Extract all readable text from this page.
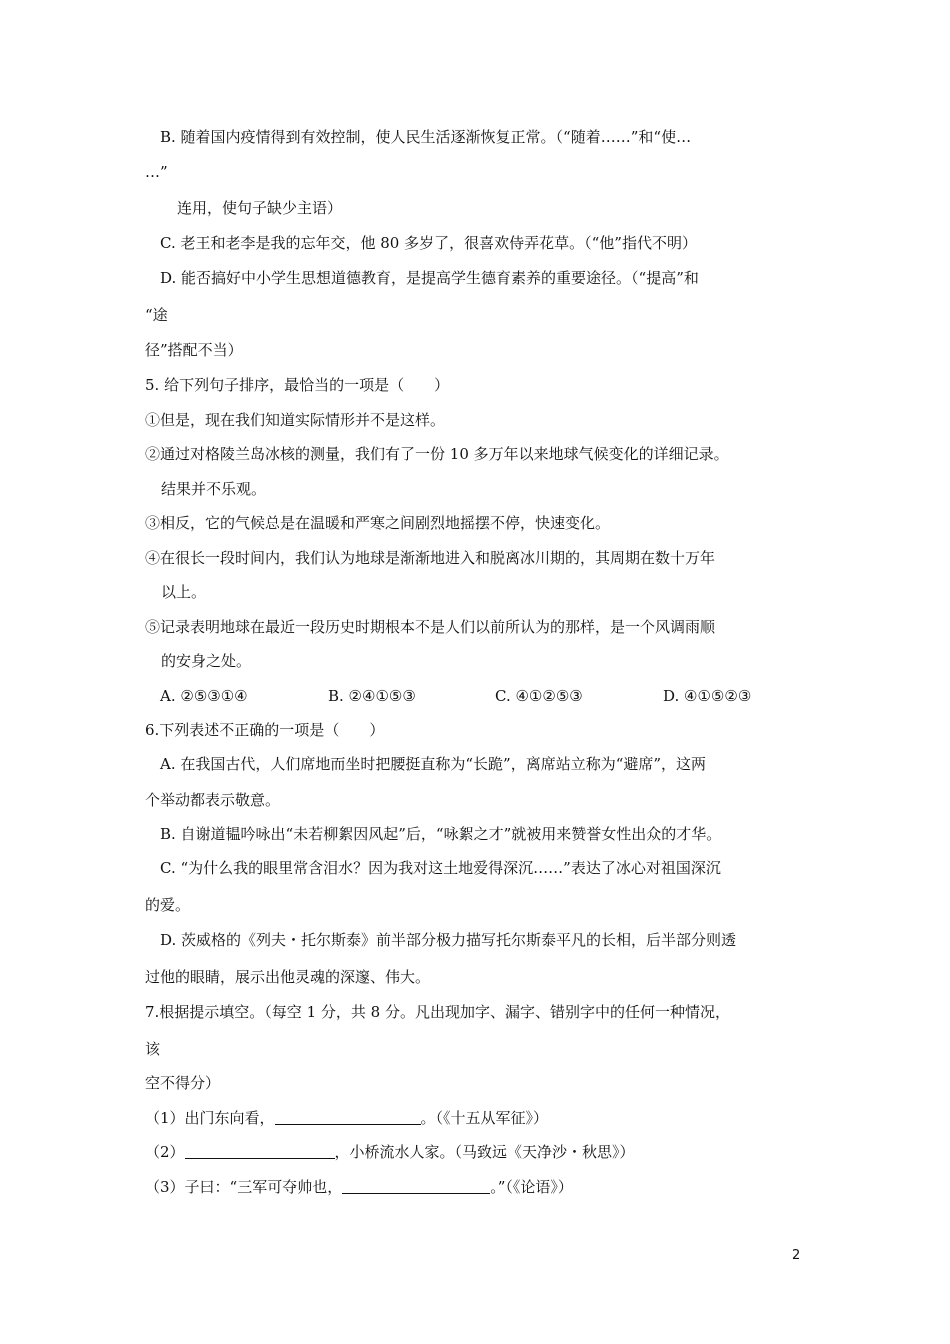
B. 随着国内疫情得到有效控制，使人民生活逐渐恢复正常。（“随着……”和“使…
…”
连用，使句子缺少主语）
C. 老王和老李是我的忘年交，他 80 多岁了，很喜欢侍弄花草。（“他”指代不明）
D. 能否搞好中小学生思想道德教育，是提高学生德育素养的重要途径。（“提高”和
“途
径”搭配不当）
5. 给下列句子排序，最恰当的一项是（　　）
①但是，现在我们知道实际情形并不是这样。
②通过对格陵兰岛冰核的测量，我们有了一份 10 多万年以来地球气候变化的详细记录。
结果并不乐观。
③相反，它的气候总是在温暖和严寒之间剧烈地摇摆不停，快速变化。
④在很长一段时间内，我们认为地球是渐渐地进入和脱离冰川期的，其周期在数十万年
以上。
⑤记录表明地球在最近一段历史时期根本不是人们以前所认为的那样，是一个风调雨顺
的安身之处。
A. ②⑤③①④	B. ②④①⑤③	C. ④①②⑤③	D. ④①⑤②③
6.下列表述不正确的一项是（　　）
A. 在我国古代，人们席地而坐时把腰挺直称为“长跪”，离席站立称为“避席”，这两
个举动都表示敬意。
B. 自谢道韫吟咏出“未若柳絮因风起”后，“咏絮之才”就被用来赞誉女性出众的才华。
C. “为什么我的眼里常含泪水？因为我对这土地爱得深沉……”表达了冰心对祖国深沉
的爱。
D. 茨威格的《列夫・托尔斯泰》前半部分极力描写托尔斯泰平凡的长相，后半部分则透
过他的眼睛，展示出他灵魂的深邃、伟大。
7.根据提示填空。（每空 1 分，共 8 分。凡出现加字、漏字、错别字中的任何一种情况，
该
空不得分）
（1）出门东向看，	。（《十五从军征》）
（2）	，小桥流水人家。（马致远《天净沙・秋思》）
（3）子曰：“三军可夺帅也，	。”（《论语》）
2
